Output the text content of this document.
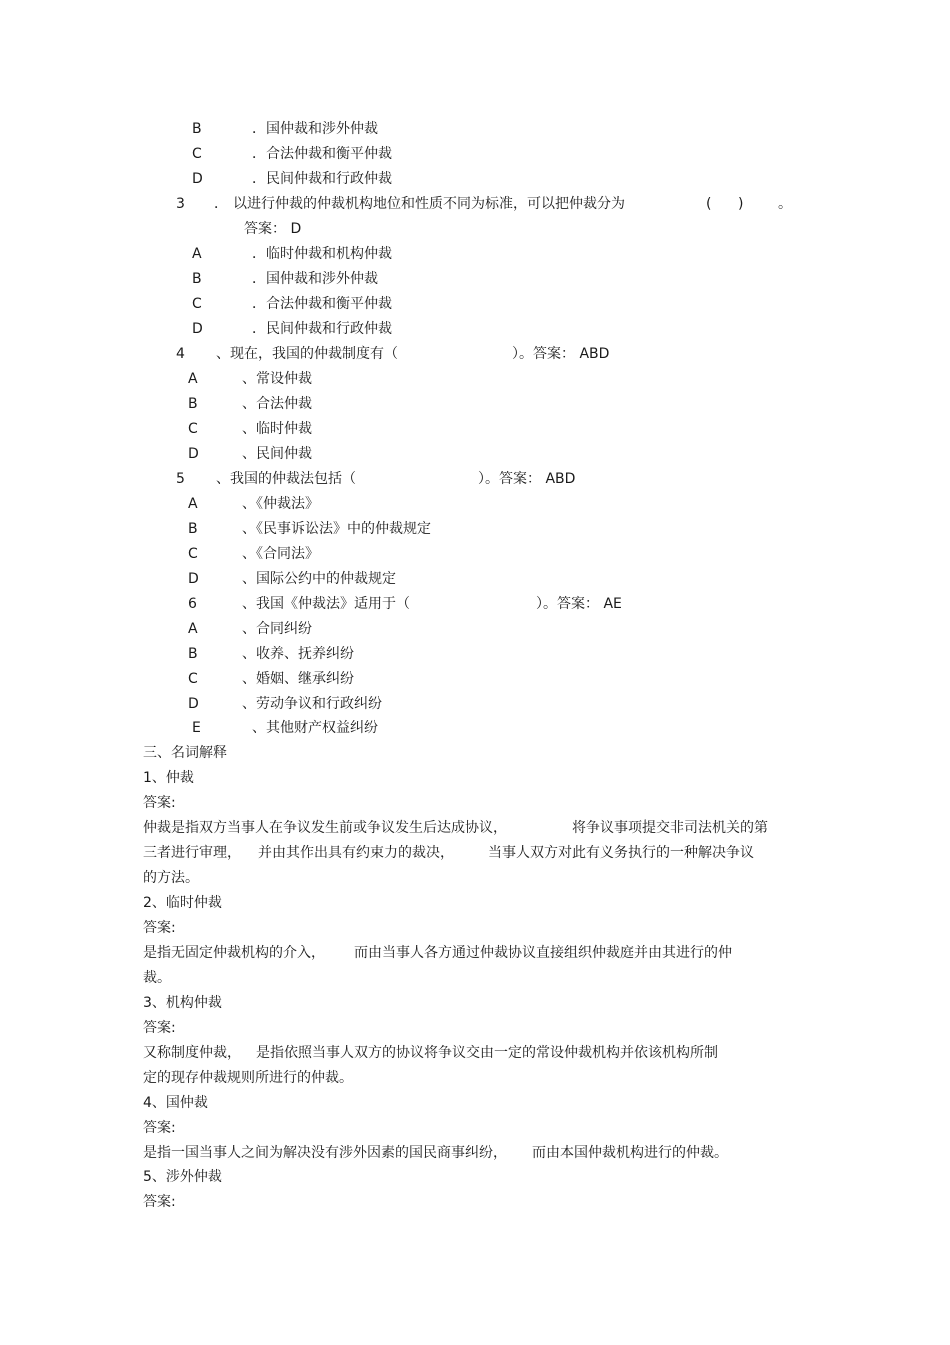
B	．国仲裁和涉外仲裁
C	．合法仲裁和衡平仲裁
D	．民间仲裁和行政仲裁
3 ． 以进行仲裁的仲裁机构地位和性质不同为标准，可以把仲裁分为	( ) 。
答案： D
A	．临时仲裁和机构仲裁
B	．国仲裁和涉外仲裁
C	．合法仲裁和衡平仲裁
D	．民间仲裁和行政仲裁
4 、现在，我国的仲裁制度有（	）。答案： ABD
A	、常设仲裁
B	、合法仲裁
C	、临时仲裁
D	、民间仲裁
5 、我国的仲裁法包括（	）。答案： ABD
A	、《仲裁法》
B	、《民事诉讼法》中的仲裁规定
C	、《合同法》
D	、国际公约中的仲裁规定
6	、我国《仲裁法》适用于（	）。答案： AE
A	、合同纠纷
B	、收养、抚养纠纷
C	、婚姻、继承纠纷
D	、劳动争议和行政纠纷
E	、其他财产权益纠纷
三、名词解释
1、仲裁
答案:
仲裁是指双方当事人在争议发生前或争议发生后达成协议，	将争议事项提交非司法机关的第
三者进行审理， 并由其作出具有约束力的裁决， 当事人双方对此有义务执行的一种解决争议
的方法。
2、临时仲裁
答案:
是指无固定仲裁机构的介入， 而由当事人各方通过仲裁协议直接组织仲裁庭并由其进行的仲
裁。
3、机构仲裁
答案:
又称制度仲裁， 是指依照当事人双方的协议将争议交由一定的常设仲裁机构并依该机构所制
定的现存仲裁规则所进行的仲裁。
4、国仲裁
答案:
是指一国当事人之间为解决没有涉外因素的国民商事纠纷， 而由本国仲裁机构进行的仲裁。
5、涉外仲裁
答案:
